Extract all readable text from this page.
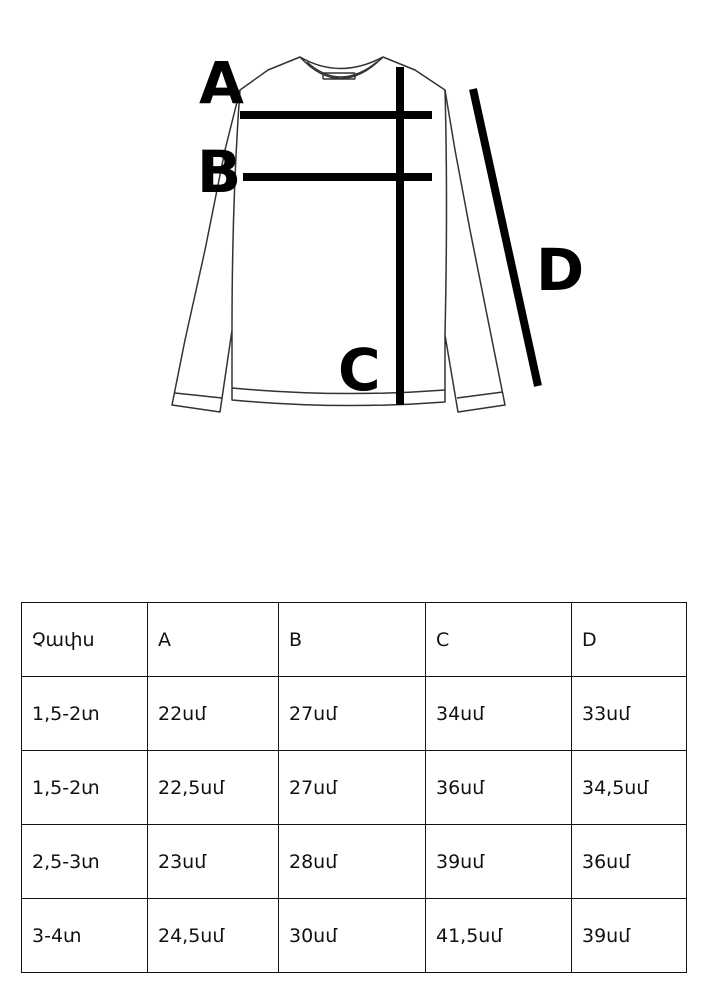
A
B
C
D
Չափս	A	B	C	D
1,5-2տ	22սմ	27սմ	34սմ	33սմ
1,5-2տ	22,5սմ	27սմ	36սմ	34,5սմ
2,5-3տ	23սմ	28սմ	39սմ	36սմ
3-4տ	24,5սմ	30սմ	41,5սմ	39սմ
